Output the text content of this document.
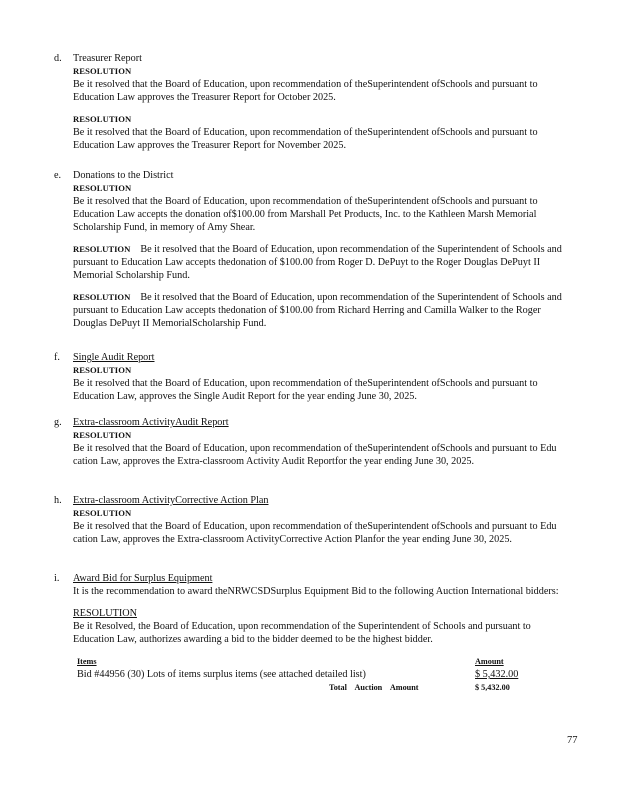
d. Treasurer Report
RESOLUTION

Be it resolved that the Board of Education, upon recommendation of theSuperintendent ofSchools and pursuant to Education Law approves the Treasurer Report for October 2025.

RESOLUTION

Be it resolved that the Board of Education, upon recommendation of theSuperintendent ofSchools and pursuant to Education Law approves the Treasurer Report for November 2025.

e. Donations to the District
RESOLUTION

Be it resolved that the Board of Education, upon recommendation of theSuperintendent ofSchools and pursuant to Education Law accepts the donation of$100.00 from Marshall Pet Products, Inc. to the Kathleen Marsh Memorial Scholarship Fund, in memory of Amy Shear.

RESOLUTION Be it resolved that the Board of Education, upon recommendation of the Superintendent of Schools and pursuant to Education Law accepts thedonation of $100.00 from Roger D. DePuyt to the Roger Douglas DePuyt II Memorial Scholarship Fund.

RESOLUTION Be it resolved that the Board of Education, upon recommendation of the Superintendent of Schools and pursuant to Education Law accepts thedonation of $100.00 from Richard Herring and Camilla Walker to the Roger Douglas DePuyt II MemorialScholarship Fund.

f. Single Audit Report
RESOLUTION

Be it resolved that the Board of Education, upon recommendation of theSuperintendent ofSchools and pursuant to Education Law, approves the Single Audit Report for the year ending June 30, 2025.

g. Extra-classroom ActivityAudit Report
RESOLUTION

Be it resolved that the Board of Education, upon recommendation of theSuperintendent ofSchools and pursuant to Edu cation Law, approves the Extra-classroom Activity Audit Reportfor the year ending June 30, 2025.

h. Extra-classroom ActivityCorrective Action Plan
RESOLUTION

Be it resolved that the Board of Education, upon recommendation of theSuperintendent ofSchools and pursuant to Edu cation Law, approves the Extra-classroom ActivityCorrective Action Planfor the year ending June 30, 2025.

i. Award Bid for Surplus Equipment

It is the recommendation to award theNRWCSDSurplus Equipment Bid to the following Auction International bidders:

RESOLUTION

Be it Resolved, the Board of Education, upon recommendation of the Superintendent of Schools and pursuant to Education Law, authorizes awarding a bid to the bidder deemed to be the highest bidder.

Items	Amount
Bid #44956 (30) Lots of items surplus items (see attached detailed list)	$ 5,432.00
Total Auction Amount	$ 5,432.00
77
